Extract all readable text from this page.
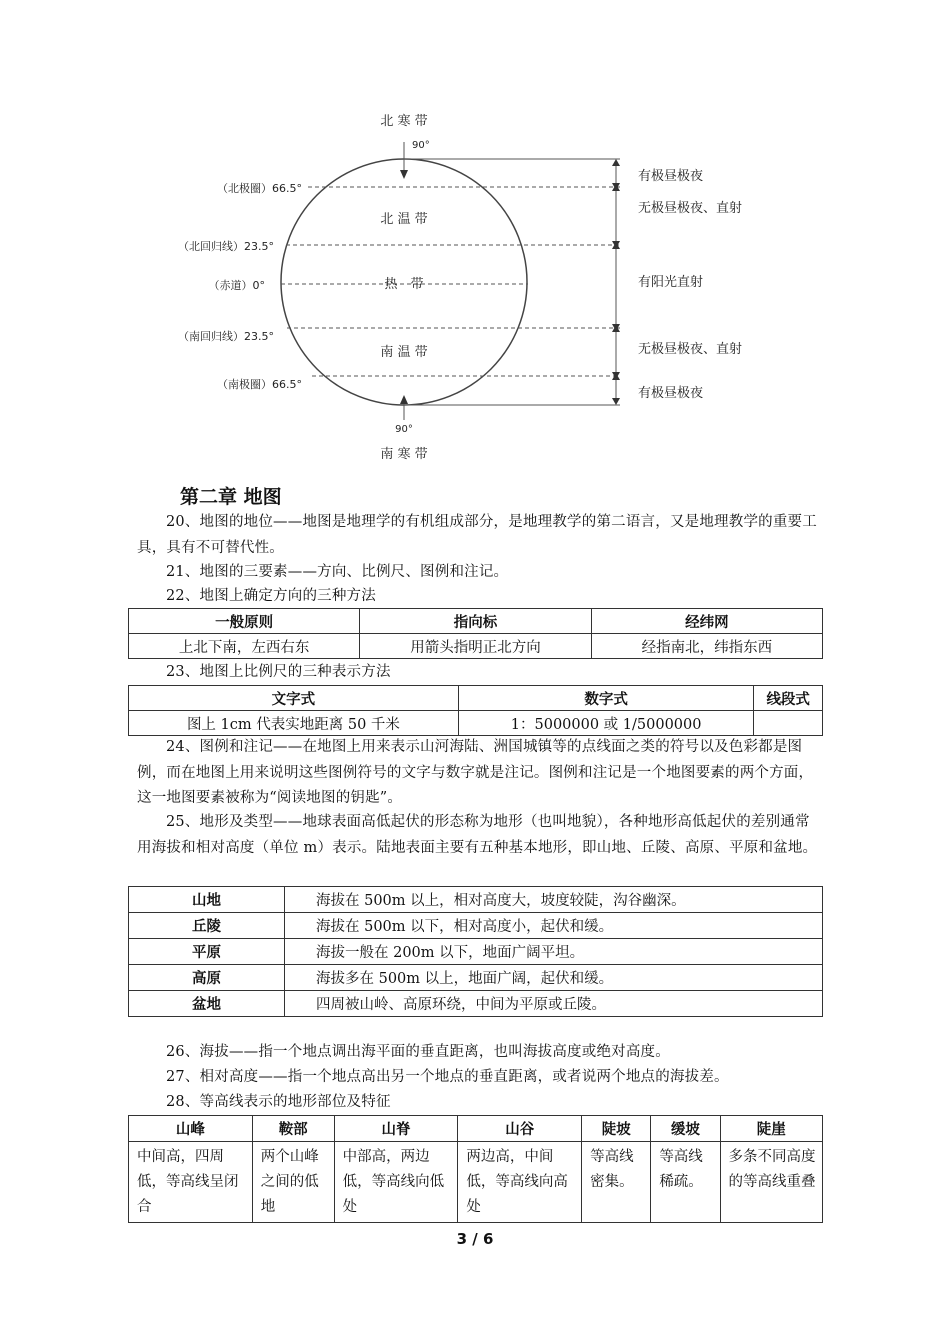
北 寒 带
90°
90°
南 寒 带
（北极圈）66.5°
（北回归线）23.5°
（赤道）0°
（南回归线）23.5°
（南极圈）66.5°
北 温 带
热　带
南 温 带
有极昼极夜
无极昼极夜、直射
有阳光直射
无极昼极夜、直射
有极昼极夜
第二章 地图

20、地图的地位——地图是地理学的有机组成部分，是地理教学的第二语言，又是地理教学的重要工具，具有不可替代性。

21、地图的三要素——方向、比例尺、图例和注记。

22、地图上确定方向的三种方法

一般原则	指向标	经纬网
上北下南，左西右东	用箭头指明正北方向	经指南北，纬指东西

23、地图上比例尺的三种表示方法

文字式	数字式	线段式
图上 1cm 代表实地距离 50 千米	1：5000000 或 1/5000000	

24、图例和注记——在地图上用来表示山河海陆、洲国城镇等的点线面之类的符号以及色彩都是图例，而在地图上用来说明这些图例符号的文字与数字就是注记。图例和注记是一个地图要素的两个方面，这一地图要素被称为“阅读地图的钥匙”。

25、地形及类型——地球表面高低起伏的形态称为地形（也叫地貌），各种地形高低起伏的差别通常用海拔和相对高度（单位 m）表示。陆地表面主要有五种基本地形，即山地、丘陵、高原、平原和盆地。

山地	海拔在 500m 以上，相对高度大，坡度较陡，沟谷幽深。
丘陵	海拔在 500m 以下，相对高度小，起伏和缓。
平原	海拔一般在 200m 以下，地面广阔平坦。
高原	海拔多在 500m 以上，地面广阔，起伏和缓。
盆地	四周被山岭、高原环绕，中间为平原或丘陵。

26、海拔——指一个地点调出海平面的垂直距离，也叫海拔高度或绝对高度。

27、相对高度——指一个地点高出另一个地点的垂直距离，或者说两个地点的海拔差。

28、等高线表示的地形部位及特征

山峰	鞍部	山脊	山谷	陡坡	缓坡	陡崖
中间高，四周低，等高线呈闭合	两个山峰之间的低地	中部高，两边低，等高线向低处	两边高，中间低，等高线向高处	等高线密集。	等高线稀疏。	多条不同高度的等高线重叠
3 / 6
